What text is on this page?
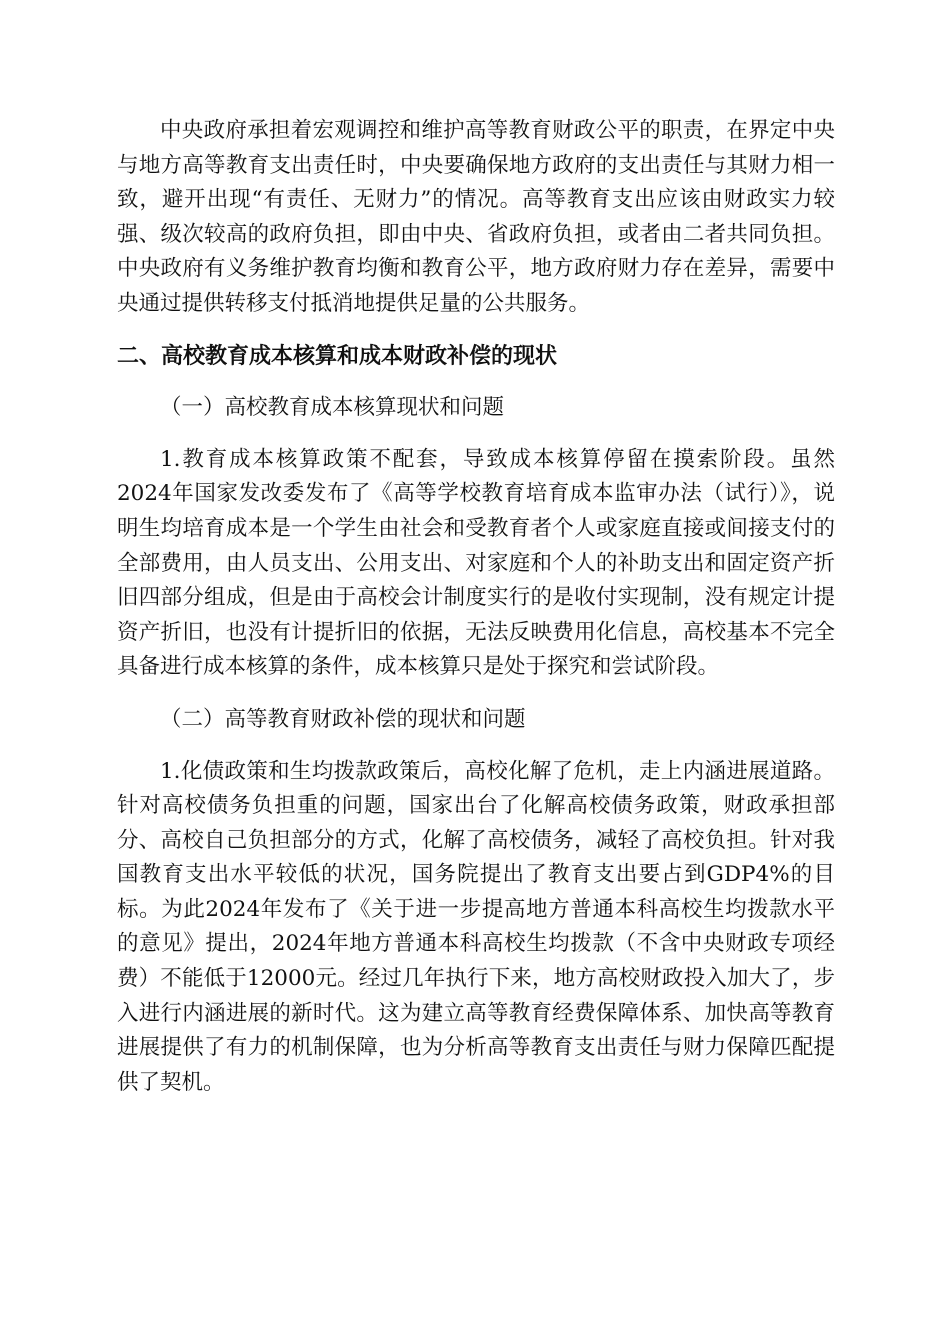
中央政府承担着宏观调控和维护高等教育财政公平的职责，在界定中央与地方高等教育支出责任时，中央要确保地方政府的支出责任与其财力相一致，避开出现“有责任、无财力”的情况。高等教育支出应该由财政实力较强、级次较高的政府负担，即由中央、省政府负担，或者由二者共同负担。中央政府有义务维护教育均衡和教育公平，地方政府财力存在差异，需要中央通过提供转移支付抵消地提供足量的公共服务。

二、高校教育成本核算和成本财政补偿的现状

（一）高校教育成本核算现状和问题

1.教育成本核算政策不配套，导致成本核算停留在摸索阶段。虽然2024年国家发改委发布了《高等学校教育培育成本监审办法（试行）》，说明生均培育成本是一个学生由社会和受教育者个人或家庭直接或间接支付的全部费用，由人员支出、公用支出、对家庭和个人的补助支出和固定资产折旧四部分组成，但是由于高校会计制度实行的是收付实现制，没有规定计提资产折旧，也没有计提折旧的依据，无法反映费用化信息，高校基本不完全具备进行成本核算的条件，成本核算只是处于探究和尝试阶段。

（二）高等教育财政补偿的现状和问题

1.化债政策和生均拨款政策后，高校化解了危机，走上内涵进展道路。针对高校债务负担重的问题，国家出台了化解高校债务政策，财政承担部分、高校自己负担部分的方式，化解了高校债务，减轻了高校负担。针对我国教育支出水平较低的状况，国务院提出了教育支出要占到GDP4%的目标。为此2024年发布了《关于进一步提高地方普通本科高校生均拨款水平的意见》提出，2024年地方普通本科高校生均拨款（不含中央财政专项经费）不能低于12000元。经过几年执行下来，地方高校财政投入加大了，步入进行内涵进展的新时代。这为建立高等教育经费保障体系、加快高等教育进展提供了有力的机制保障，也为分析高等教育支出责任与财力保障匹配提供了契机。
